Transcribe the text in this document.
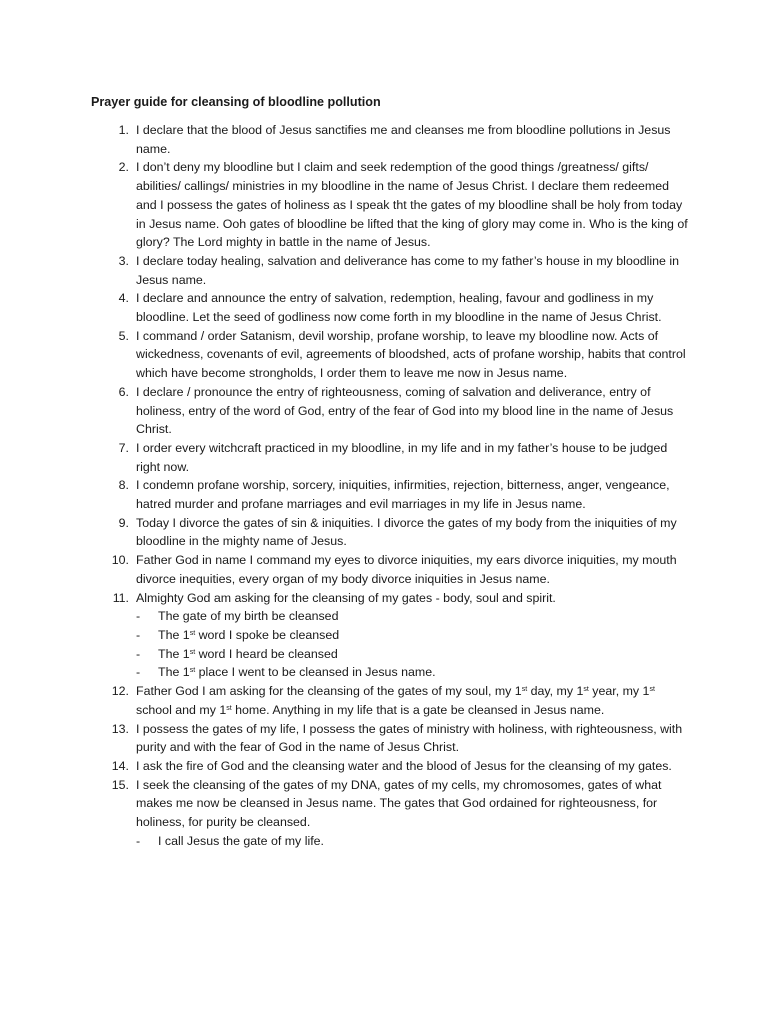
Prayer guide for cleansing of bloodline pollution
1. I declare that the blood of Jesus sanctifies me and cleanses me from bloodline pollutions in Jesus name.
2. I don’t deny my bloodline but I claim and seek redemption of the good things /greatness/ gifts/ abilities/ callings/ ministries in my bloodline in the name of Jesus Christ. I declare them redeemed and I possess the gates of holiness as I speak tht the gates of my bloodline shall be holy from today in Jesus name. Ooh gates of bloodline be lifted that the king of glory may come in. Who is the king of glory? The Lord mighty in battle in the name of Jesus.
3. I declare today healing, salvation and deliverance has come to my father’s house in my bloodline in Jesus name.
4. I declare and announce the entry of salvation, redemption, healing, favour and godliness in my bloodline. Let the seed of godliness now come forth in my bloodline in the name of Jesus Christ.
5. I command / order Satanism, devil worship, profane worship, to leave my bloodline now. Acts of wickedness, covenants of evil, agreements of bloodshed, acts of profane worship, habits that control which have become strongholds, I order them to leave me now in Jesus name.
6. I declare / pronounce the entry of righteousness, coming of salvation and deliverance, entry of holiness, entry of the word of God, entry of the fear of God into my blood line in the name of Jesus Christ.
7. I order every witchcraft practiced in my bloodline, in my life and in my father’s house to be judged right now.
8. I condemn profane worship, sorcery, iniquities, infirmities, rejection, bitterness, anger, vengeance, hatred murder and profane marriages and evil marriages in my life in Jesus name.
9. Today I divorce the gates of sin & iniquities. I divorce the gates of my body from the iniquities of my bloodline in the mighty name of Jesus.
10. Father God in name I command my eyes to divorce iniquities, my ears divorce iniquities, my mouth divorce inequities, every organ of my body divorce iniquities in Jesus name.
11. Almighty God am asking for the cleansing of my gates - body, soul and spirit.
- The gate of my birth be cleansed
- The 1st word I spoke be cleansed
- The 1st word I heard be cleansed
- The 1st place I went to be cleansed in Jesus name.
12. Father God I am asking for the cleansing of the gates of my soul, my 1st day, my 1st year, my 1st school and my 1st home. Anything in my life that is a gate be cleansed in Jesus name.
13. I possess the gates of my life, I possess the gates of ministry with holiness, with righteousness, with purity and with the fear of God in the name of Jesus Christ.
14. I ask the fire of God and the cleansing water and the blood of Jesus for the cleansing of my gates.
15. I seek the cleansing of the gates of my DNA, gates of my cells, my chromosomes, gates of what makes me now be cleansed in Jesus name. The gates that God ordained for righteousness, for holiness, for purity be cleansed.
- I call Jesus the gate of my life.
